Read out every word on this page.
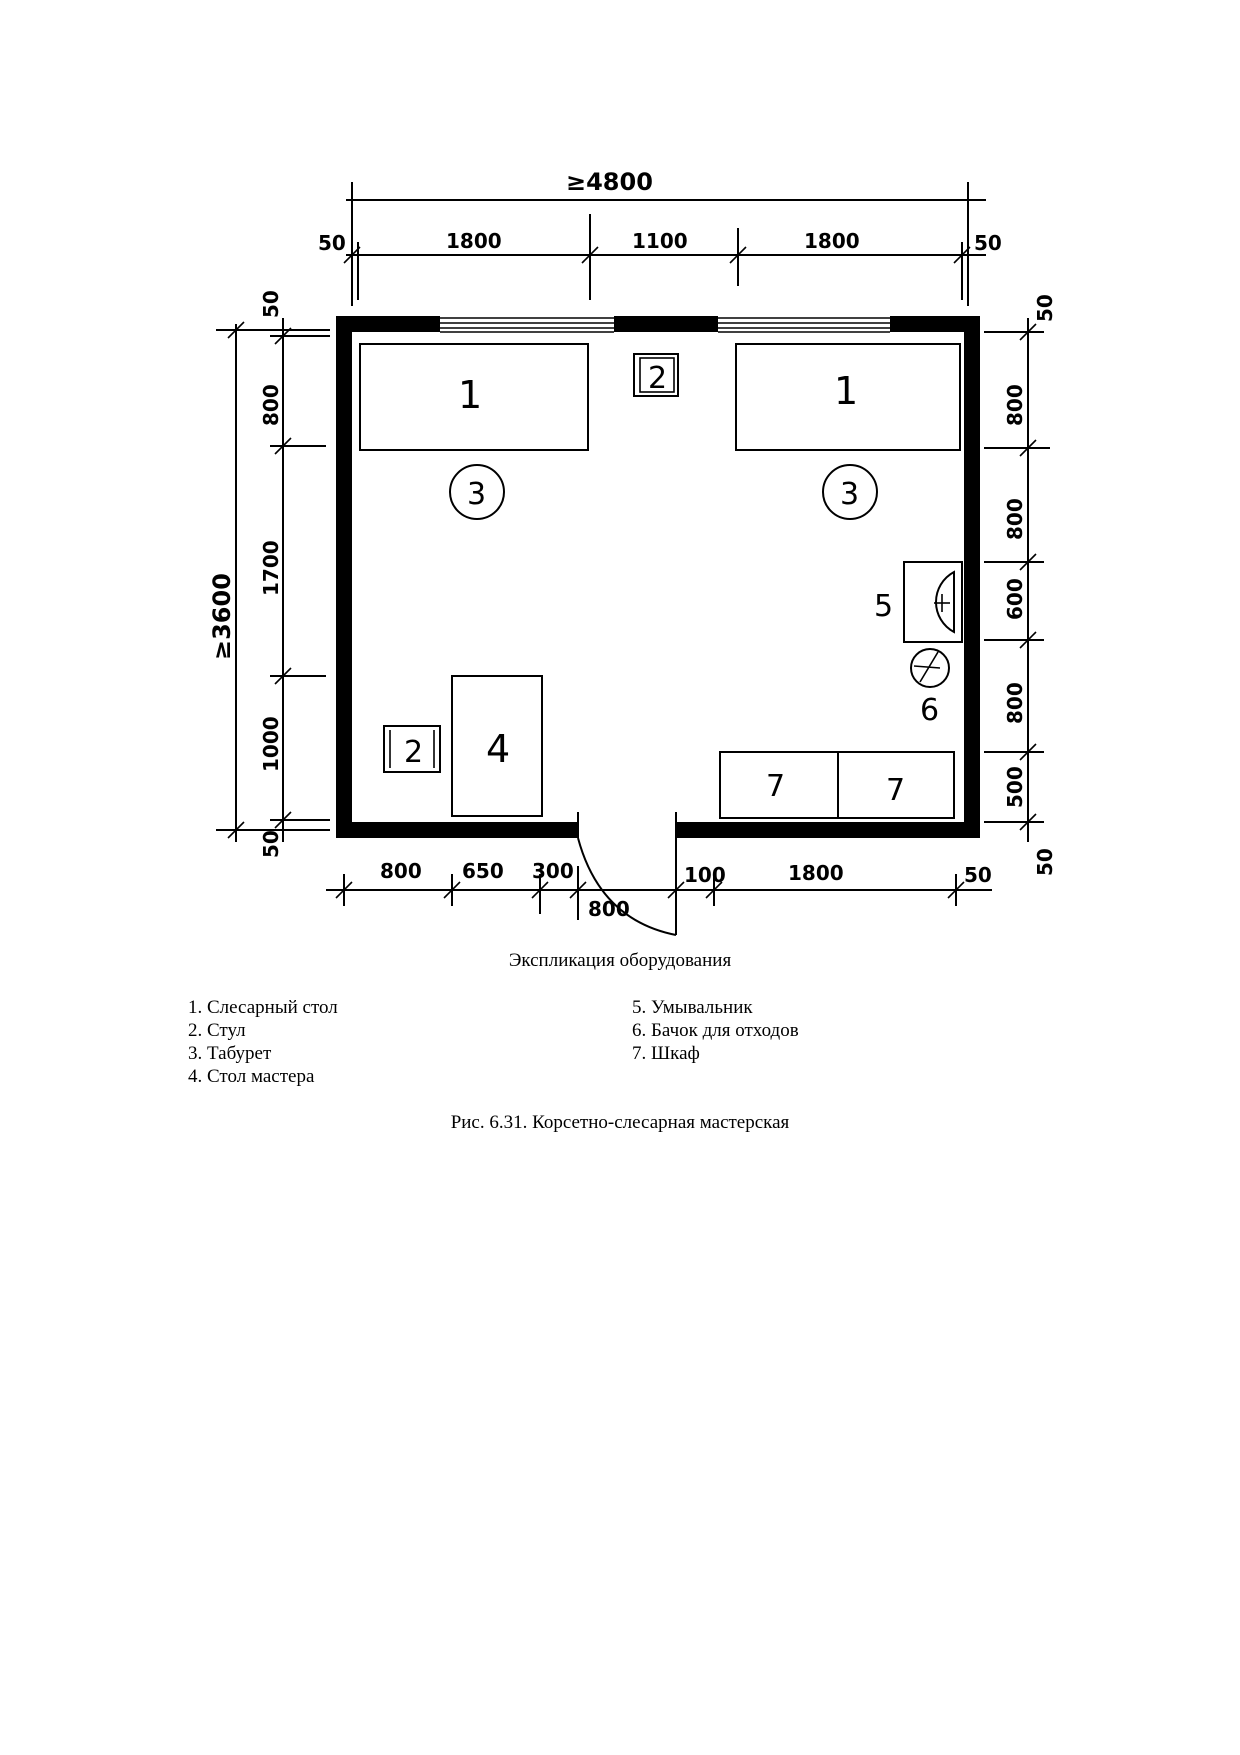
1	1
2
3	3
5
6
4
2
7	7
≥4800
50	1800	1100	1800	50
≥3600
50
800
1700
1000
50
50
800
800
600
800
500
50
800 650 300
800
100	1800	50
Экспликация оборудования
1. Слесарный стол
2. Стул
3. Табурет
4. Стол мастера
5. Умывальник
6. Бачок для отходов
7. Шкаф
Рис. 6.31. Корсетно-слесарная мастерская
